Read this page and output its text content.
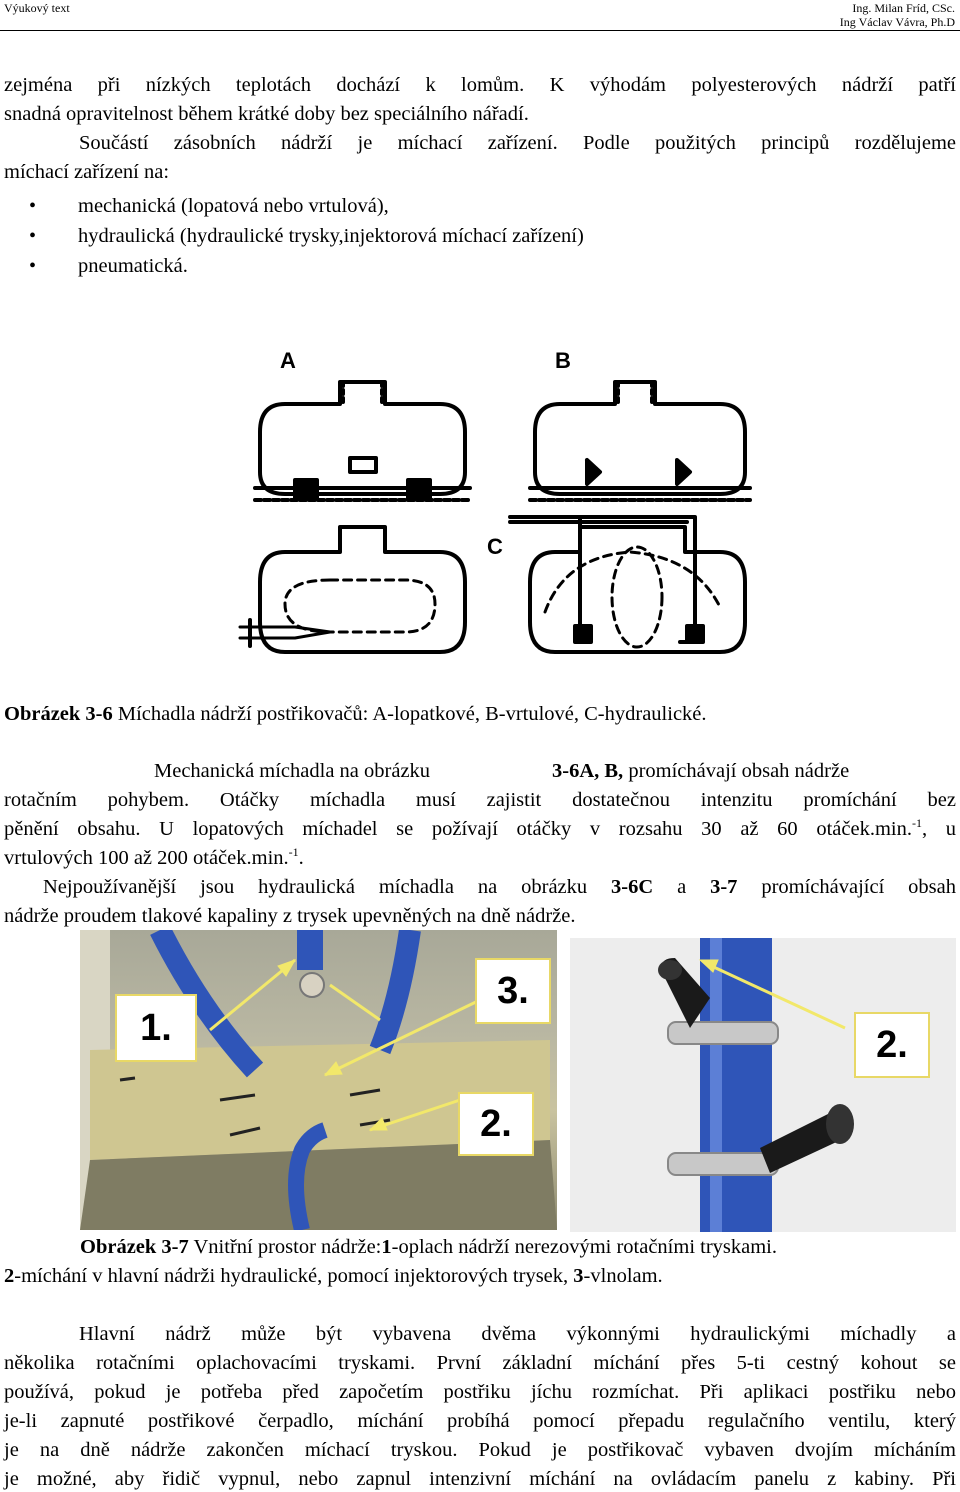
Výukový text	Ing. Milan Fríd, CSc.
Ing Václav Vávra, Ph.D
zejména při nízkých teplotách dochází k lomům. K výhodám polyesterových nádrží patří
snadná opravitelnost během krátké doby bez speciálního nářadí.
Součástí zásobních nádrží je míchací zařízení. Podle použitých principů rozdělujeme
míchací zařízení na:
mechanická (lopatová nebo vrtulová),
hydraulická (hydraulické trysky,injektorová míchací zařízení)
pneumatická.
A	B
C
Obrázek 3-6 Míchadla nádrží postřikovačů: A-lopatkové, B-vrtulové, C-hydraulické.
Mechanická míchadla na obrázku	3-6A, B, promíchávají obsah nádrže
rotačním pohybem. Otáčky míchadla musí zajistit dostatečnou intenzitu promíchání bez
pěnění obsahu. U lopatových míchadel se požívají otáčky v rozsahu 30 až 60 otáček.min.$^{-1}$, u
vrtulových 100 až 200 otáček.min.$^{-1}$.
Nejpoužívanější jsou hydraulická míchadla na obrázku 3-6C a 3-7 promíchávající obsah
nádrže proudem tlakové kapaliny z trysek upevněných na dně nádrže.
1.
3.
2.
2.
Obrázek 3-7 Vnitřní prostor nádrže:1-oplach nádrží nerezovými rotačními tryskami.
2-míchání v hlavní nádrži hydraulické, pomocí injektorových trysek, 3-vlnolam.
Hlavní nádrž může být vybavena dvěma výkonnými hydraulickými míchadly a
několika rotačními oplachovacími tryskami. První základní míchání přes 5-ti cestný kohout se
používá, pokud je potřeba před započetím postřiku jíchu rozmíchat. Při aplikaci postřiku nebo
je-li zapnuté postřikové čerpadlo, míchání probíhá pomocí přepadu regulačního ventilu, který
je na dně nádrže zakončen míchací tryskou. Pokud je postřikovač vybaven dvojím mícháním
je možné, aby řidič vypnul, nebo zapnul intenzivní míchání na ovládacím panelu z kabiny. Při
